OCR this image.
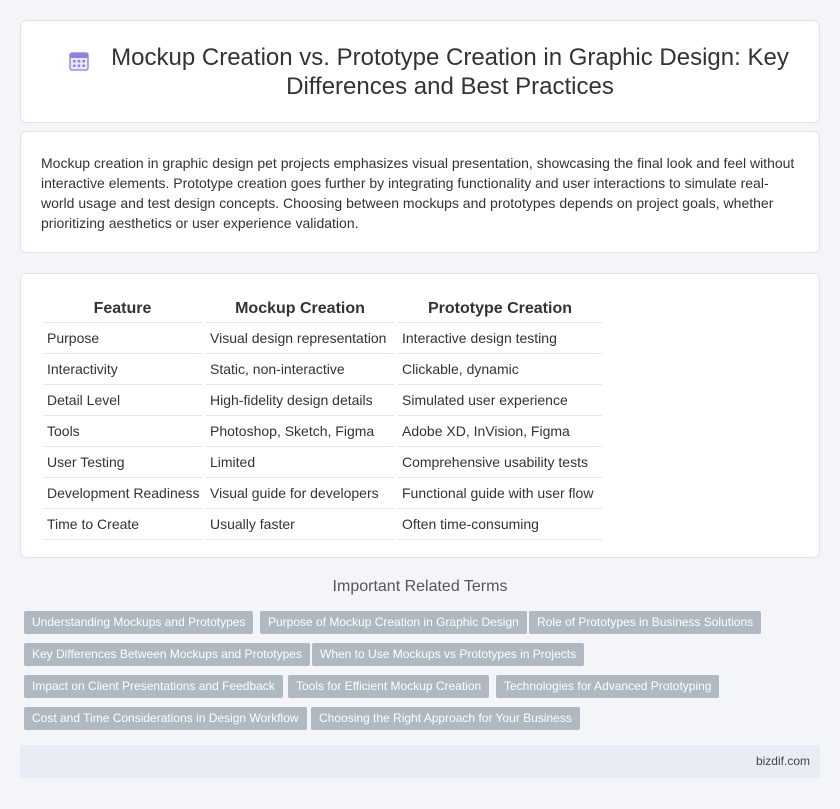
Mockup Creation vs. Prototype Creation in Graphic Design: Key Differences and Best Practices

Mockup creation in graphic design pet projects emphasizes visual presentation, showcasing the final look and feel without interactive elements. Prototype creation goes further by integrating functionality and user interactions to simulate real-world usage and test design concepts. Choosing between mockups and prototypes depends on project goals, whether prioritizing aesthetics or user experience validation.

Feature	Mockup Creation	Prototype Creation
Purpose	Visual design representation	Interactive design testing
Interactivity	Static, non-interactive	Clickable, dynamic
Detail Level	High-fidelity design details	Simulated user experience
Tools	Photoshop, Sketch, Figma	Adobe XD, InVision, Figma
User Testing	Limited	Comprehensive usability tests
Development Readiness	Visual guide for developers	Functional guide with user flow
Time to Create	Usually faster	Often time-consuming
Important Related Terms
Understanding Mockups and Prototypes	Purpose of Mockup Creation in Graphic Design	Role of Prototypes in Business Solutions
Key Differences Between Mockups and Prototypes	When to Use Mockups vs Prototypes in Projects
Impact on Client Presentations and Feedback	Tools for Efficient Mockup Creation	Technologies for Advanced Prototyping
Cost and Time Considerations in Design Workflow	Choosing the Right Approach for Your Business
bizdif.com
